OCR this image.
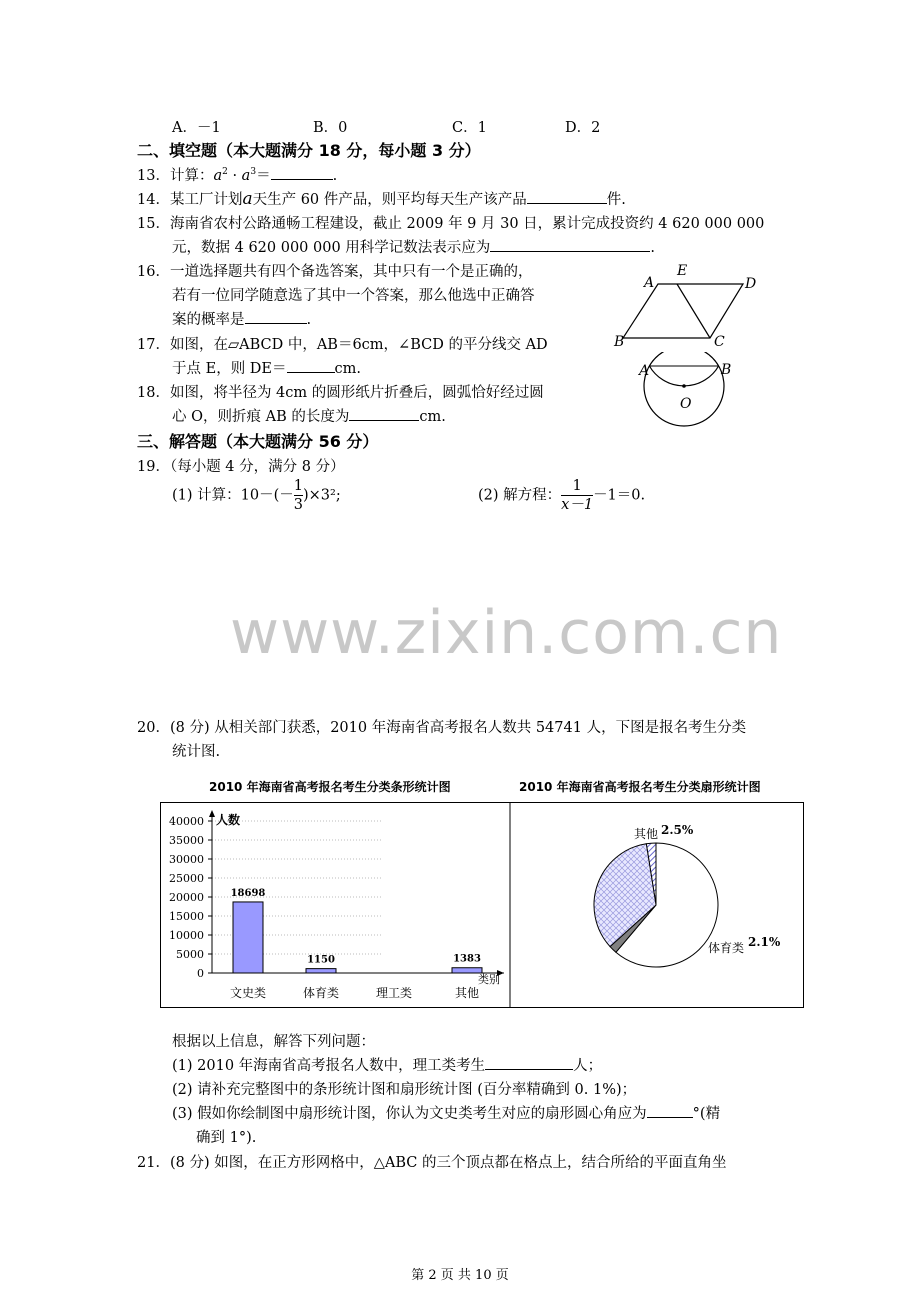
A．－1	B．0	C．1	D．2
二、填空题（本大题满分 18 分，每小题 3 分）
13．计算：$a^2 \cdot a^3=$	.
14．某工厂计划a天生产 60 件产品，则平均每天生产该产品	件.
15．海南省农村公路通畅工程建设，截止 2009 年 9 月 30 日，累计完成投资约 4 620 000 000
元，数据 4 620 000 000 用科学记数法表示应为	.
16．一道选择题共有四个备选答案，其中只有一个是正确的，
若有一位同学随意选了其中一个答案，那么他选中正确答
案的概率是	.
17．如图，在▱ABCD 中，AB＝6cm，∠BCD 的平分线交 AD
于点 E，则 DE＝	cm.
18．如图，将半径为 4cm 的圆形纸片折叠后，圆弧恰好经过圆
心 O，则折痕 AB 的长度为	cm.
A
E
D
B	C
A	B
O
三、解答题（本大题满分 56 分）
19．（每小题 4 分，满分 8 分）
(1) 计算：$10-(- \frac{1}{3} )\times 3^2$;	(2) 解方程： $\frac{1}{x-1} -1=0$.
www.zixin.com.cn
20．(8 分) 从相关部门获悉，2010 年海南省高考报名人数共 54741 人，下图是报名考生分类
统计图.
2010 年海南省高考报名考生分类条形统计图	2010 年海南省高考报名考生分类扇形统计图
0
5000
10000
15000
20000
25000
30000
35000
40000 人数
类别
文史类
18698
体育类
1150
理工类	其他
1383
其他 2.5%
体育类 2.1%
根据以上信息，解答下列问题：
(1) 2010 年海南省高考报名人数中，理工类考生	人；
(2) 请补充完整图中的条形统计图和扇形统计图 (百分率精确到 0. 1%)；
(3) 假如你绘制图中扇形统计图，你认为文史类考生对应的扇形圆心角应为	°(精
确到 1°).
21．(8 分) 如图，在正方形网格中，△ABC 的三个顶点都在格点上，结合所给的平面直角坐
第 2 页 共 10 页
